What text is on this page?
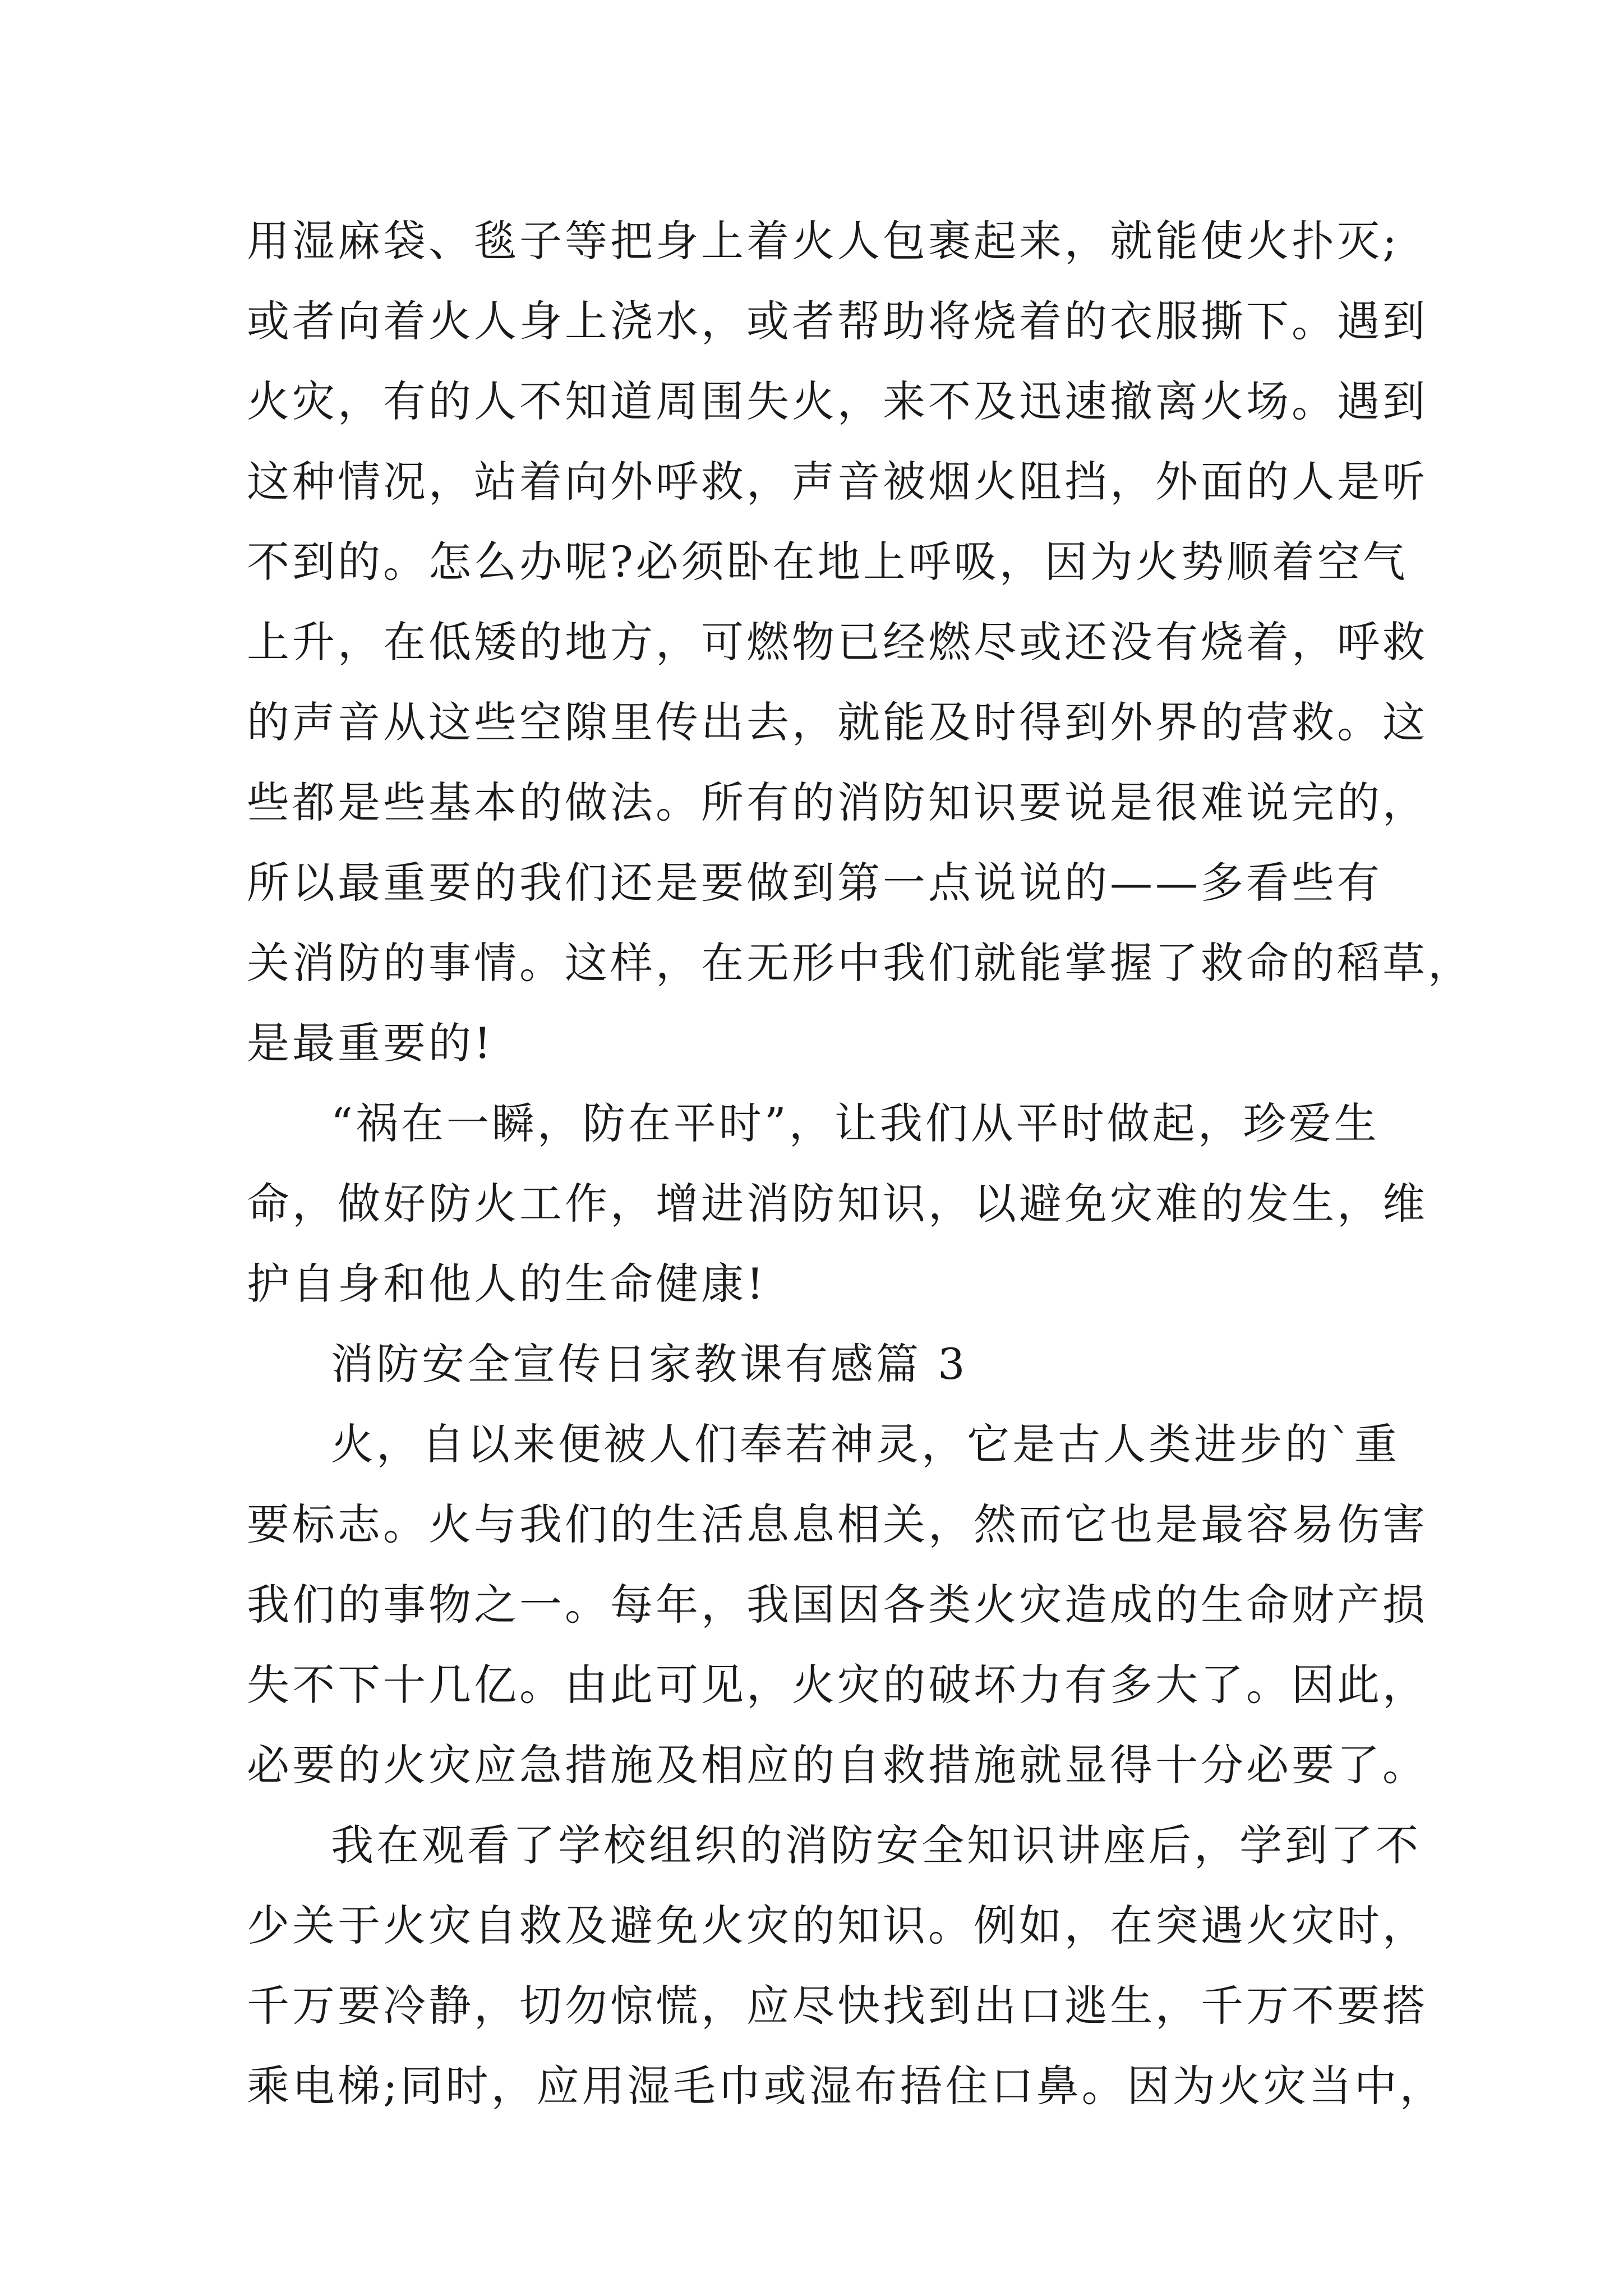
用湿麻袋、毯子等把身上着火人包裹起来，就能使火扑灭;
或者向着火人身上浇水，或者帮助将烧着的衣服撕下。遇到
火灾，有的人不知道周围失火，来不及迅速撤离火场。遇到
这种情况，站着向外呼救，声音被烟火阻挡，外面的人是听
不到的。怎么办呢?必须卧在地上呼吸，因为火势顺着空气
上升，在低矮的地方，可燃物已经燃尽或还没有烧着，呼救
的声音从这些空隙里传出去，就能及时得到外界的营救。这
些都是些基本的做法。所有的消防知识要说是很难说完的，
所以最重要的我们还是要做到第一点说说的——多看些有
关消防的事情。这样，在无形中我们就能掌握了救命的稻草，
是最重要的!
“祸在一瞬，防在平时”，让我们从平时做起，珍爱生
命，做好防火工作，增进消防知识，以避免灾难的发生，维
护自身和他人的生命健康!
消防安全宣传日家教课有感篇 3
火，自以来便被人们奉若神灵，它是古人类进步的`重
要标志。火与我们的生活息息相关，然而它也是最容易伤害
我们的事物之一。每年，我国因各类火灾造成的生命财产损
失不下十几亿。由此可见，火灾的破坏力有多大了。因此，
必要的火灾应急措施及相应的自救措施就显得十分必要了。
我在观看了学校组织的消防安全知识讲座后，学到了不
少关于火灾自救及避免火灾的知识。例如，在突遇火灾时，
千万要冷静，切勿惊慌，应尽快找到出口逃生，千万不要搭
乘电梯;同时，应用湿毛巾或湿布捂住口鼻。因为火灾当中，
